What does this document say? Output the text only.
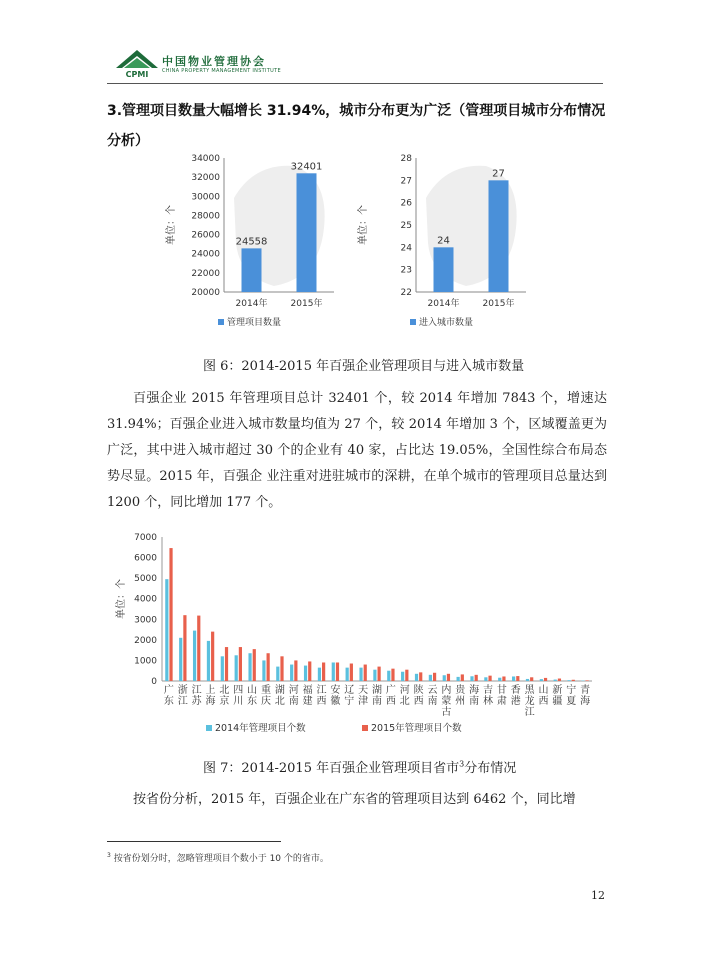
CPMI
中国物业管理协会
CHINA PROPERTY MANAGEMENT INSTITUTE
3.管理项目数量大幅增长 31.94%，城市分布更为广泛（管理项目城市分布情况分析）
20000
22000
24000
26000
28000
30000
32000
34000
单位：个	24558
2014年
32401
2015年
管理项目数量
22
23
24
25
26
27
28
单位：个	24
2014年
27
2015年
进入城市数量
图 6：2014-2015 年百强企业管理项目与进入城市数量

百强企业 2015 年管理项目总计 32401 个，较 2014 年增加 7843 个，增速达 31.94%；百强企业进入城市数量均值为 27 个，较 2014 年增加 3 个，区域覆盖更为广泛，其中进入城市超过 30 个的企业有 40 家，占比达 19.05%，全国性综合布局态势尽显。2015 年，百强企 业注重对进驻城市的深耕，在单个城市的管理项目总量达到 1200 个，同比增加 177 个。

0
1000
2000
3000
4000
5000
6000
7000
单位：个
广东
浙江
江苏
上海
北京
四川
山东
重庆
湖北
河南
福建
江西
安徽
辽宁
天津
湖南
广西
河北
陕西
云南
内蒙古
贵州
海南
吉林
甘肃
香港
黑龙江
山西
新疆
宁夏
青海
2014年管理项目个数	2015年管理项目个数
图 7：2014-2015 年百强企业管理项目省市$^3$分布情况

按省份分析，2015 年，百强企业在广东省的管理项目达到 6462 个，同比增

$^3$ 按省份划分时，忽略管理项目个数小于 10 个的省市。
12
